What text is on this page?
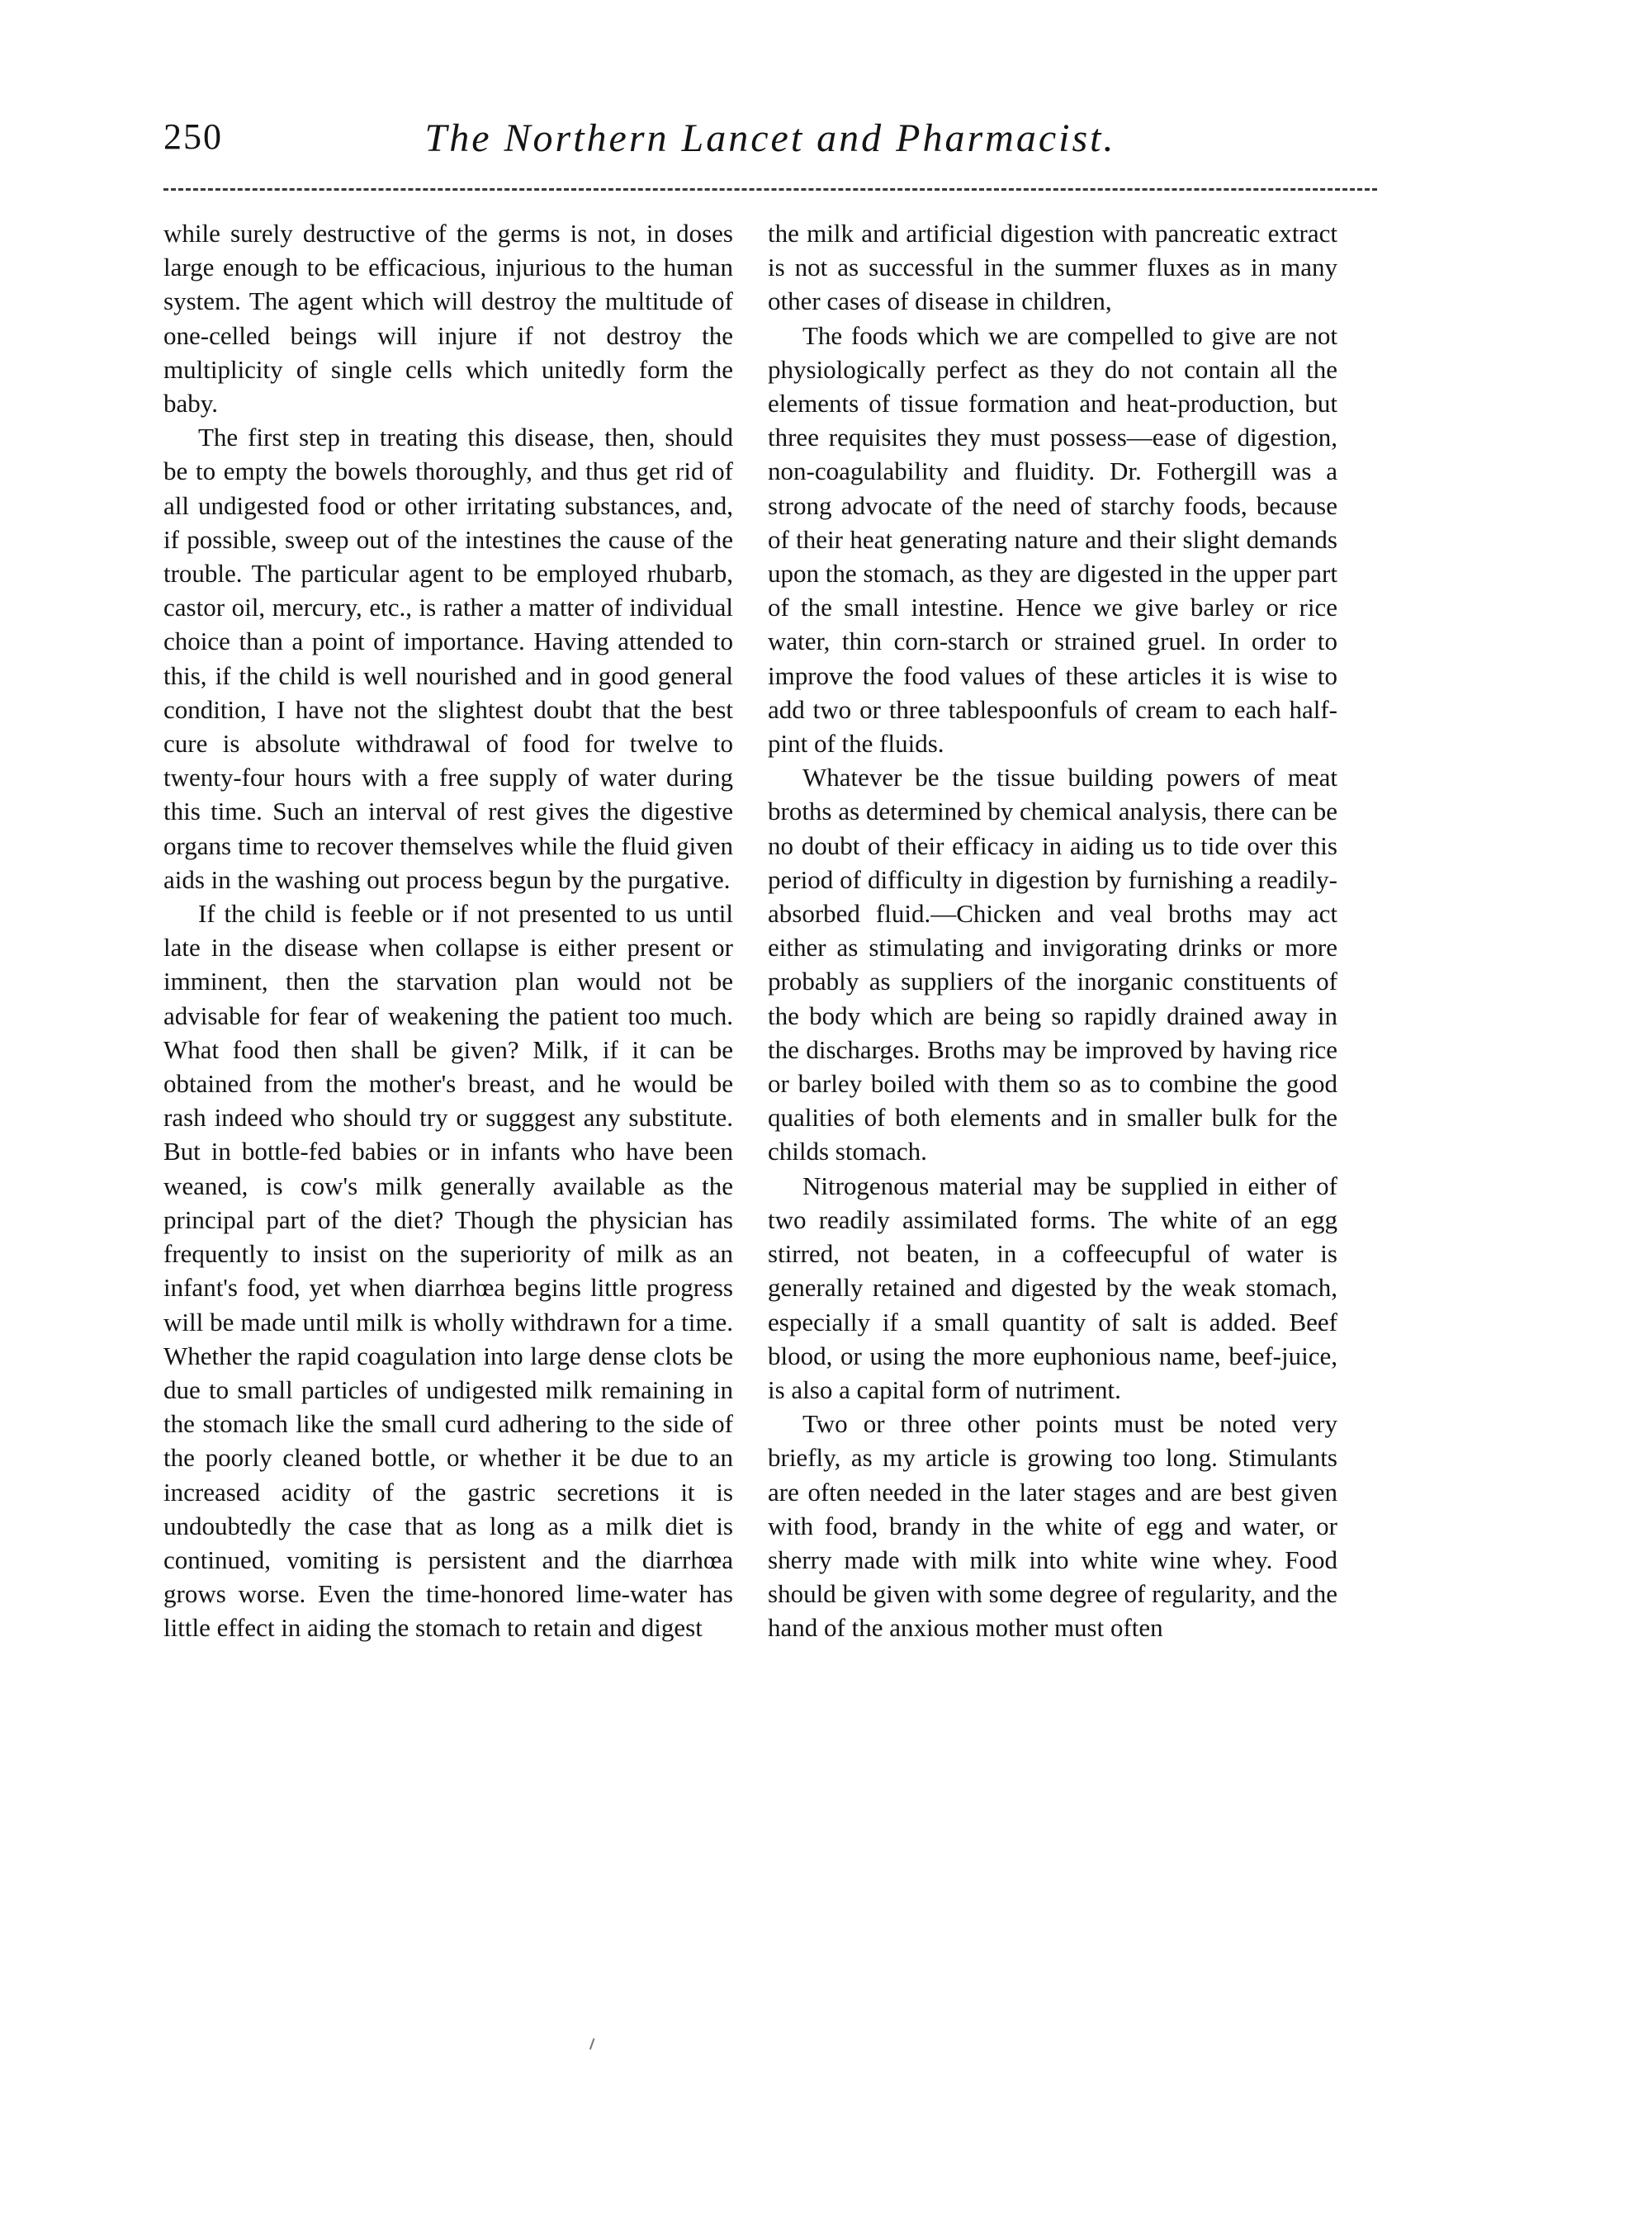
250	The Northern Lancet and Pharmacist.

while surely destructive of the germs is not, in doses large enough to be efficacious, injurious to the human system. The agent which will destroy the multitude of one-celled beings will injure if not destroy the multiplicity of single cells which unitedly form the baby.

The first step in treating this disease, then, should be to empty the bowels thoroughly, and thus get rid of all undigested food or other irritating substances, and, if possible, sweep out of the intestines the cause of the trouble. The particular agent to be employed rhubarb, castor oil, mercury, etc., is rather a matter of individual choice than a point of importance. Having attended to this, if the child is well nourished and in good general condition, I have not the slightest doubt that the best cure is absolute withdrawal of food for twelve to twenty-four hours with a free supply of water during this time. Such an interval of rest gives the digestive organs time to recover themselves while the fluid given aids in the washing out process begun by the purgative.

If the child is feeble or if not presented to us until late in the disease when collapse is either present or imminent, then the starvation plan would not be advisable for fear of weakening the patient too much. What food then shall be given? Milk, if it can be obtained from the mother's breast, and he would be rash indeed who should try or sugggest any substitute. But in bottle-fed babies or in infants who have been weaned, is cow's milk generally available as the principal part of the diet? Though the physician has frequently to insist on the superiority of milk as an infant's food, yet when diarrhœa begins little progress will be made until milk is wholly withdrawn for a time. Whether the rapid coagulation into large dense clots be due to small particles of undigested milk remaining in the stomach like the small curd adhering to the side of the poorly cleaned bottle, or whether it be due to an increased acidity of the gastric secretions it is undoubtedly the case that as long as a milk diet is continued, vomiting is persistent and the diarrhœa grows worse. Even the time-honored lime-water has little effect in aiding the stomach to retain and digest

the milk and artificial digestion with pancreatic extract is not as successful in the summer fluxes as in many other cases of disease in children,

The foods which we are compelled to give are not physiologically perfect as they do not contain all the elements of tissue formation and heat-production, but three requisites they must possess—ease of digestion, non-coagulability and fluidity. Dr. Fothergill was a strong advocate of the need of starchy foods, because of their heat generating nature and their slight demands upon the stomach, as they are digested in the upper part of the small intestine. Hence we give barley or rice water, thin corn-starch or strained gruel. In order to improve the food values of these articles it is wise to add two or three tablespoonfuls of cream to each half-pint of the fluids.

Whatever be the tissue building powers of meat broths as determined by chemical analysis, there can be no doubt of their efficacy in aiding us to tide over this period of difficulty in digestion by furnishing a readily-absorbed fluid.—Chicken and veal broths may act either as stimulating and invigorating drinks or more probably as suppliers of the inorganic constituents of the body which are being so rapidly drained away in the discharges. Broths may be improved by having rice or barley boiled with them so as to combine the good qualities of both elements and in smaller bulk for the childs stomach.

Nitrogenous material may be supplied in either of two readily assimilated forms. The white of an egg stirred, not beaten, in a coffeecupful of water is generally retained and digested by the weak stomach, especially if a small quantity of salt is added. Beef blood, or using the more euphonious name, beef-juice, is also a capital form of nutriment.

Two or three other points must be noted very briefly, as my article is growing too long. Stimulants are often needed in the later stages and are best given with food, brandy in the white of egg and water, or sherry made with milk into white wine whey. Food should be given with some degree of regularity, and the hand of the anxious mother must often
